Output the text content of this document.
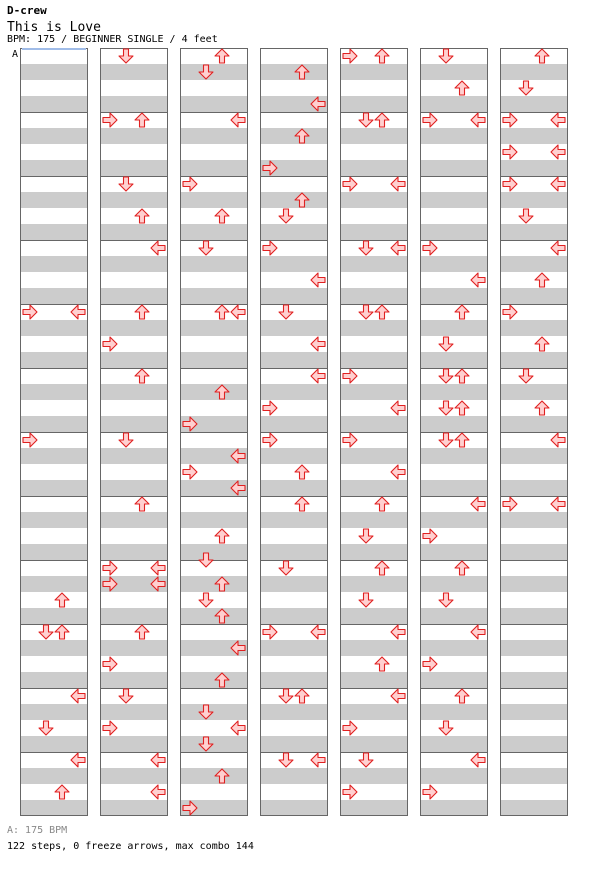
D-crew
This is Love
BPM: 175 / BEGINNER SINGLE / 4 feet
A
A: 175 BPM
122 steps, 0 freeze arrows, max combo 144
